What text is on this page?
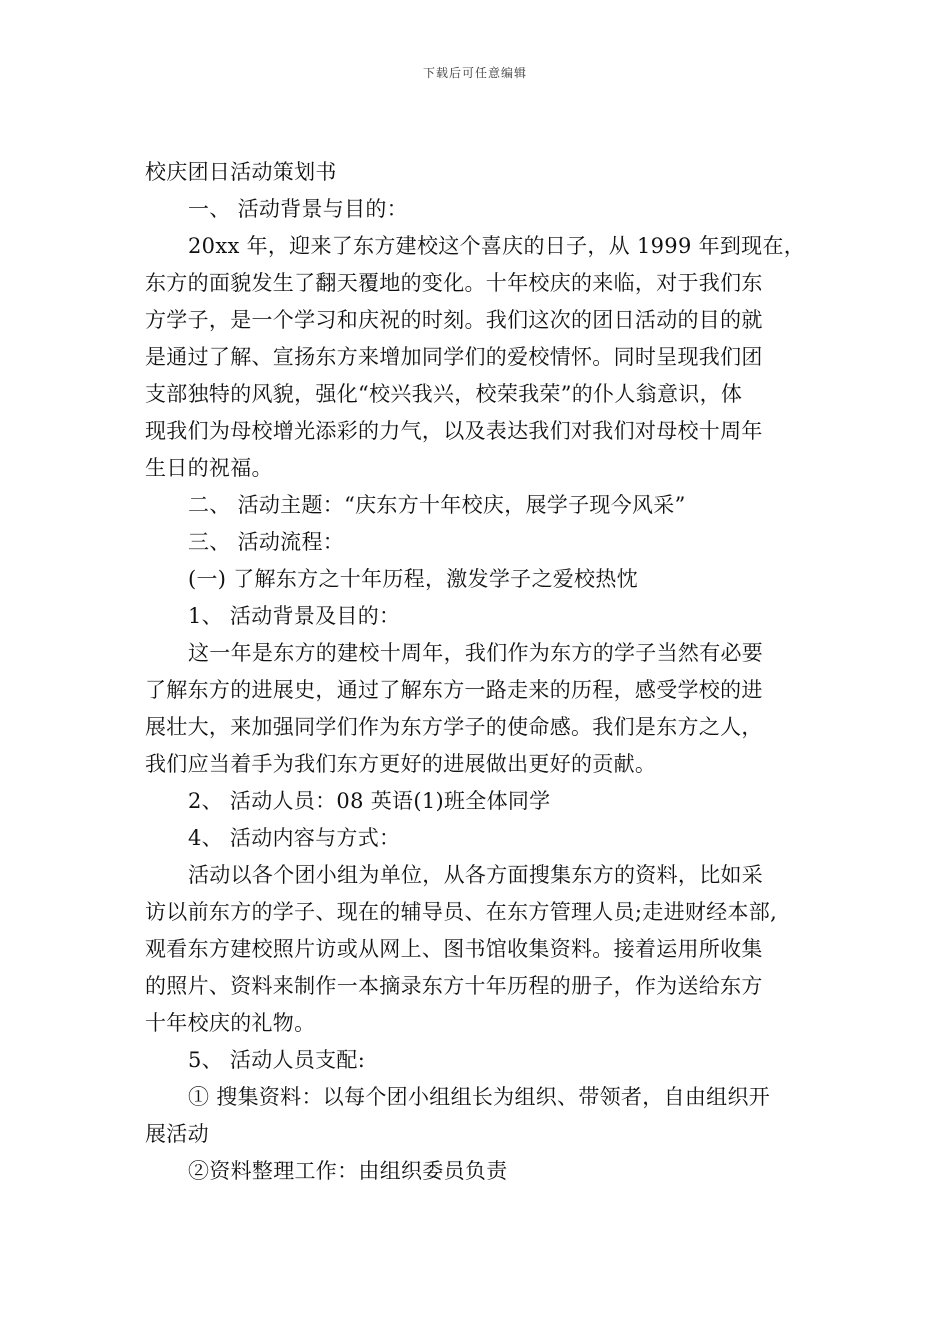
下载后可任意编辑
校庆团日活动策划书
一、 活动背景与目的：
20xx 年，迎来了东方建校这个喜庆的日子，从 1999 年到现在，
东方的面貌发生了翻天覆地的变化。十年校庆的来临，对于我们东
方学子，是一个学习和庆祝的时刻。我们这次的团日活动的目的就
是通过了解、宣扬东方来增加同学们的爱校情怀。同时呈现我们团
支部独特的风貌，强化“校兴我兴，校荣我荣”的仆人翁意识，体
现我们为母校增光添彩的力气，以及表达我们对我们对母校十周年
生日的祝福。
二、 活动主题：“庆东方十年校庆，展学子现今风采”
三、 活动流程：
(一) 了解东方之十年历程，激发学子之爱校热忱
1、 活动背景及目的：
这一年是东方的建校十周年，我们作为东方的学子当然有必要
了解东方的进展史，通过了解东方一路走来的历程，感受学校的进
展壮大，来加强同学们作为东方学子的使命感。我们是东方之人，
我们应当着手为我们东方更好的进展做出更好的贡献。
2、 活动人员：08 英语(1)班全体同学
4、 活动内容与方式：
活动以各个团小组为单位，从各方面搜集东方的资料，比如采
访以前东方的学子、现在的辅导员、在东方管理人员;走进财经本部,
观看东方建校照片访或从网上、图书馆收集资料。接着运用所收集
的照片、资料来制作一本摘录东方十年历程的册子，作为送给东方
十年校庆的礼物。
5、 活动人员支配:
① 搜集资料：以每个团小组组长为组织、带领者，自由组织开
展活动
②资料整理工作：由组织委员负责
